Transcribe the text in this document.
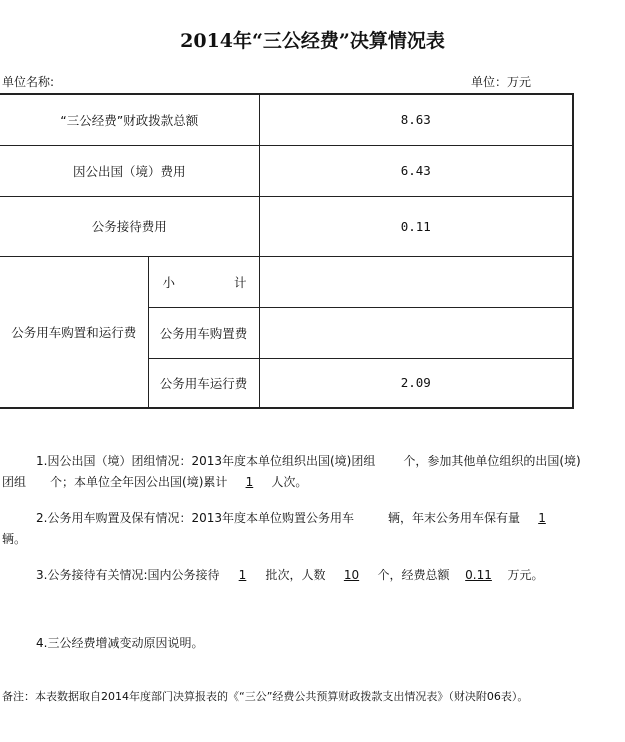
2014年“三公经费”决算情况表
单位名称:	单位：万元
“三公经费”财政拨款总额		8.63
因公出国（境）费用		6.43
公务接待费用		0.11
公务用车购置和运行费	小 计	

	公务用车购置费	
	公务用车运行费	2.09
1.因公出国（境）团组情况：2013年度本单位组织出国(境)团组 个，参加其他单位组织的出国(境)团组 个；本单位全年因公出国(境)累计 1 人次。
2.公务用车购置及保有情况：2013年度本单位购置公务用车	辆，年末公务用车保有量 1辆。
3.公务接待有关情况:国内公务接待 1 批次，人数 10 个，经费总额 0.11 万元。
4.三公经费增减变动原因说明。
备注：本表数据取自2014年度部门决算报表的《“三公”经费公共预算财政拨款支出情况表》（财决附06表）。
